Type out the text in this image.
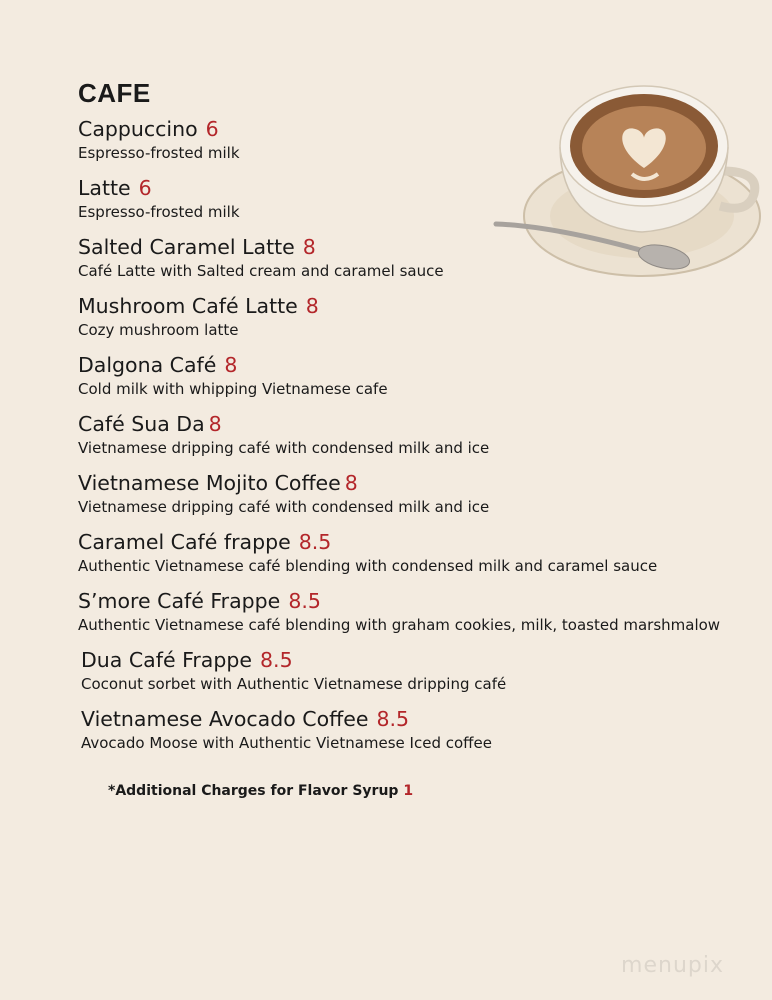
CAFE
Cappuccino 6
Espresso-frosted milk
Latte 6
Espresso-frosted milk
Salted Caramel Latte 8
Café Latte with Salted cream and caramel sauce
Mushroom Café Latte 8
Cozy mushroom latte
Dalgona Café 8
Cold milk with whipping Vietnamese cafe
Café Sua Da 8
Vietnamese dripping café with condensed milk and ice
Vietnamese Mojito Coffee 8
Vietnamese dripping café with condensed milk and ice
Caramel Café frappe 8.5
Authentic Vietnamese café blending with condensed milk and caramel sauce
S’more Café Frappe 8.5
Authentic Vietnamese café blending with graham cookies, milk, toasted marshmalow
Dua Café Frappe 8.5
Coconut sorbet with Authentic Vietnamese dripping café
Vietnamese Avocado Coffee 8.5
Avocado Moose with Authentic Vietnamese Iced coffee
*Additional Charges for Flavor Syrup 1
menupix
